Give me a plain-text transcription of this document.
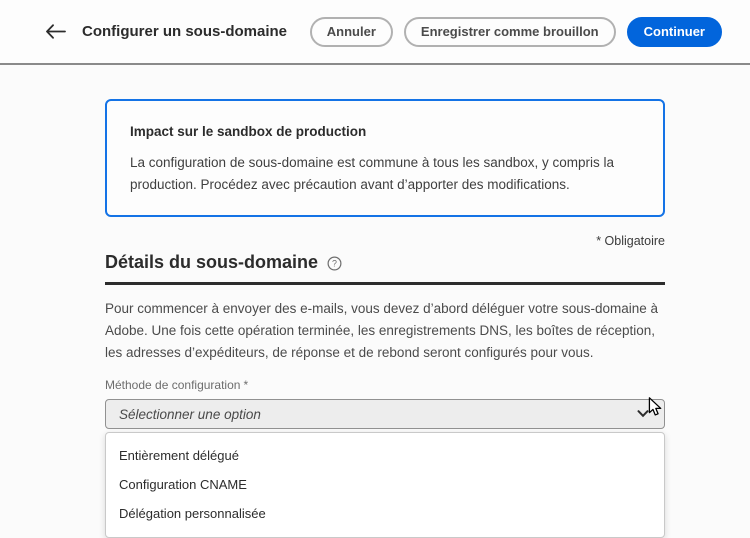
Configurer un sous-domaine	Annuler	Enregistrer comme brouillon	Continuer
Impact sur le sandbox de production
La configuration de sous-domaine est commune à tous les sandbox, y compris la production. Procédez avec précaution avant d’apporter des modifications.
* Obligatoire
Détails du sous-domaine ?
Pour commencer à envoyer des e-mails, vous devez d’abord déléguer votre sous-domaine à Adobe. Une fois cette opération terminée, les enregistrements DNS, les boîtes de réception, les adresses d’expéditeurs, de réponse et de rebond seront configurés pour vous.
Méthode de configuration *
Sélectionner une option
Entièrement délégué
Configuration CNAME
Délégation personnalisée
